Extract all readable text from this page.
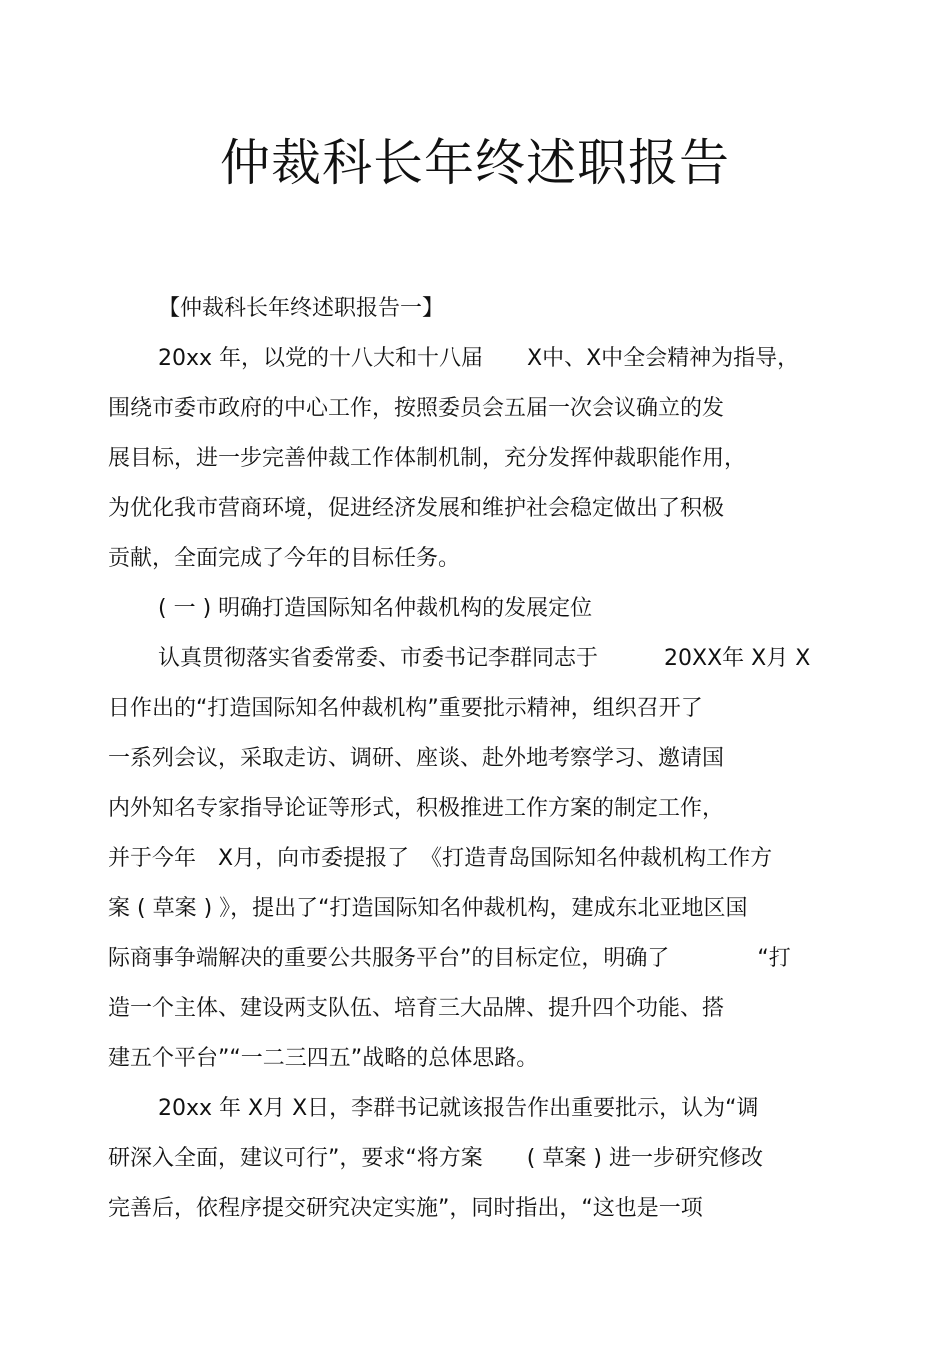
仲裁科长年终述职报告

【仲裁科长年终述职报告一】

20xx 年，以党的十八大和十八届　　X中、X中全会精神为指导，

围绕市委市政府的中心工作，按照委员会五届一次会议确立的发

展目标，进一步完善仲裁工作体制机制，充分发挥仲裁职能作用，

为优化我市营商环境，促进经济发展和维护社会稳定做出了积极

贡献，全面完成了今年的目标任务。

( 一 ) 明确打造国际知名仲裁机构的发展定位

认真贯彻落实省委常委、市委书记李群同志于　　　20XX年 X月 X

日作出的“打造国际知名仲裁机构”重要批示精神，组织召开了

一系列会议，采取走访、调研、座谈、赴外地考察学习、邀请国

内外知名专家指导论证等形式，积极推进工作方案的制定工作，

并于今年　X月，向市委提报了　《打造青岛国际知名仲裁机构工作方

案 ( 草案 ) 》，提出了“打造国际知名仲裁机构，建成东北亚地区国

际商事争端解决的重要公共服务平台”的目标定位，明确了　　　　“打

造一个主体、建设两支队伍、培育三大品牌、提升四个功能、搭

建五个平台”“一二三四五”战略的总体思路。

20xx 年 X月 X日，李群书记就该报告作出重要批示，认为“调

研深入全面，建议可行”，要求“将方案　　( 草案 ) 进一步研究修改

完善后，依程序提交研究决定实施”，同时指出，“这也是一项
